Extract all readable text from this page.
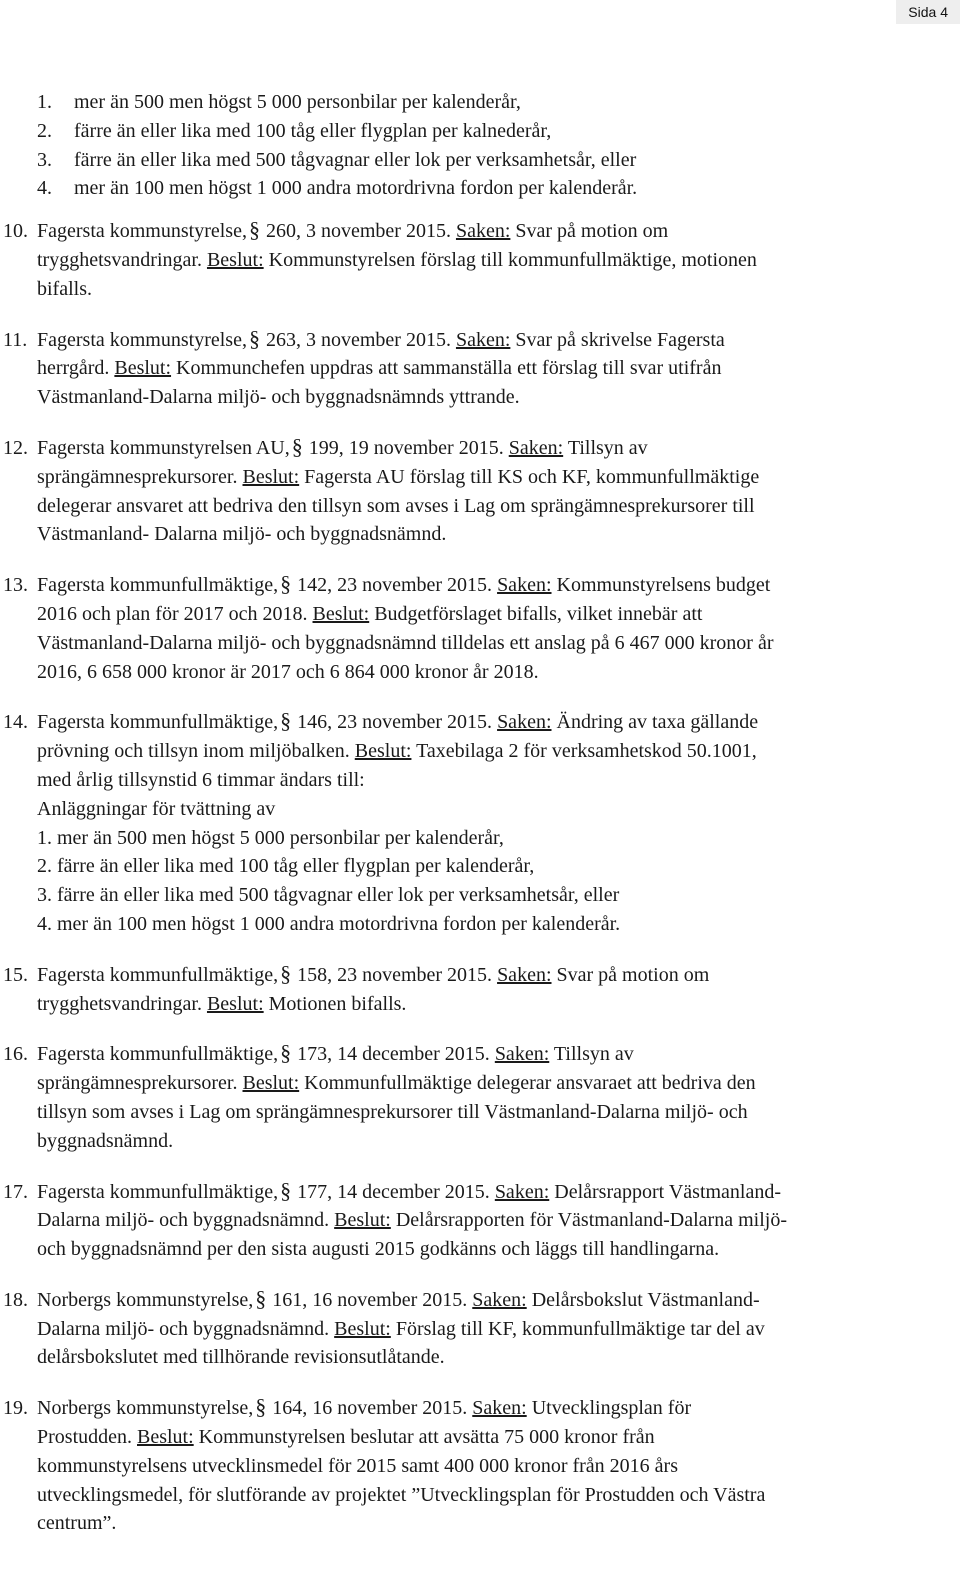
Sida 4
1. mer än 500 men högst 5 000 personbilar per kalenderår,
2. färre än eller lika med 100 tåg eller flygplan per kalnederår,
3. färre än eller lika med 500 tågvagnar eller lok per verksamhetsår, eller
4. mer än 100 men högst 1 000 andra motordrivna fordon per kalenderår.
10. Fagersta kommunstyrelse,§ 260, 3 november 2015. Saken: Svar på motion om
trygghetsvandringar. Beslut: Kommunstyrelsen förslag till kommunfullmäktige, motionen
bifalls.
11. Fagersta kommunstyrelse,§ 263, 3 november 2015. Saken: Svar på skrivelse Fagersta
herrgård. Beslut: Kommunchefen uppdras att sammanställa ett förslag till svar utifrån
Västmanland-Dalarna miljö- och byggnadsnämnds yttrande.
12. Fagersta kommunstyrelsen AU,§ 199, 19 november 2015. Saken: Tillsyn av
sprängämnesprekursorer. Beslut: Fagersta AU förslag till KS och KF, kommunfullmäktige
delegerar ansvaret att bedriva den tillsyn som avses i Lag om sprängämnesprekursorer till
Västmanland- Dalarna miljö- och byggnadsnämnd.
13. Fagersta kommunfullmäktige,§ 142, 23 november 2015. Saken: Kommunstyrelsens budget
2016 och plan för 2017 och 2018. Beslut: Budgetförslaget bifalls, vilket innebär att
Västmanland-Dalarna miljö- och byggnadsnämnd tilldelas ett anslag på 6 467 000 kronor år
2016, 6 658 000 kronor är 2017 och 6 864 000 kronor år 2018.
14. Fagersta kommunfullmäktige,§ 146, 23 november 2015. Saken: Ändring av taxa gällande
prövning och tillsyn inom miljöbalken. Beslut: Taxebilaga 2 för verksamhetskod 50.1001,
med årlig tillsynstid 6 timmar ändars till:
Anläggningar för tvättning av
1. mer än 500 men högst 5 000 personbilar per kalenderår,
2. färre än eller lika med 100 tåg eller flygplan per kalenderår,
3. färre än eller lika med 500 tågvagnar eller lok per verksamhetsår, eller
4. mer än 100 men högst 1 000 andra motordrivna fordon per kalenderår.
15. Fagersta kommunfullmäktige,§ 158, 23 november 2015. Saken: Svar på motion om
trygghetsvandringar. Beslut: Motionen bifalls.
16. Fagersta kommunfullmäktige,§ 173, 14 december 2015. Saken: Tillsyn av
sprängämnesprekursorer. Beslut: Kommunfullmäktige delegerar ansvaraet att bedriva den
tillsyn som avses i Lag om sprängämnesprekursorer till Västmanland-Dalarna miljö- och
byggnadsnämnd.
17. Fagersta kommunfullmäktige,§ 177, 14 december 2015. Saken: Delårsrapport Västmanland-
Dalarna miljö- och byggnadsnämnd. Beslut: Delårsrapporten för Västmanland-Dalarna miljö-
och byggnadsnämnd per den sista augusti 2015 godkänns och läggs till handlingarna.
18. Norbergs kommunstyrelse,§ 161, 16 november 2015. Saken: Delårsbokslut Västmanland-
Dalarna miljö- och byggnadsnämnd. Beslut: Förslag till KF, kommunfullmäktige tar del av
delårsbokslutet med tillhörande revisionsutlåtande.
19. Norbergs kommunstyrelse,§ 164, 16 november 2015. Saken: Utvecklingsplan för
Prostudden. Beslut: Kommunstyrelsen beslutar att avsätta 75 000 kronor från
kommunstyrelsens utvecklinsmedel för 2015 samt 400 000 kronor från 2016 års
utvecklingsmedel, för slutförande av projektet ”Utvecklingsplan för Prostudden och Västra
centrum”.
